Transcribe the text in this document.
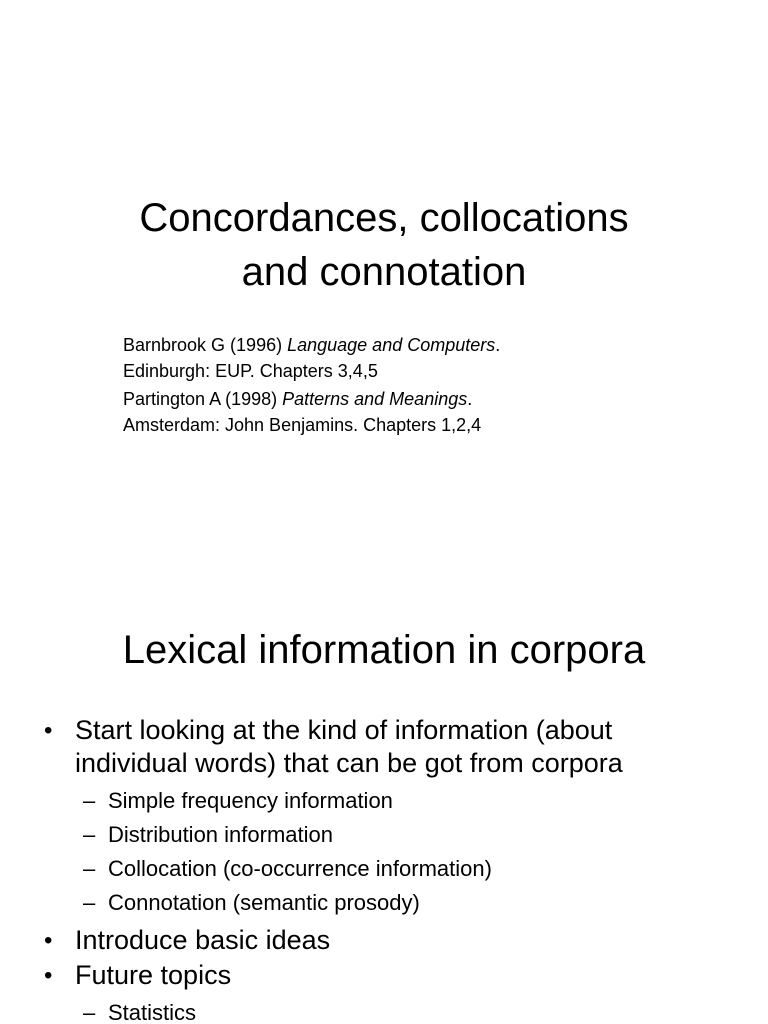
Concordances, collocations
and connotation

Barnbrook G (1996) Language and Computers.
Edinburgh: EUP. Chapters 3,4,5

Partington A (1998) Patterns and Meanings.
Amsterdam: John Benjamins. Chapters 1,2,4

Lexical information in corpora
• Start looking at the kind of information (about
individual words) that can be got from corpora
– Simple frequency information
– Distribution information
– Collocation (co-occurrence information)
– Connotation (semantic prosody)
• Introduce basic ideas
• Future topics
– Statistics
